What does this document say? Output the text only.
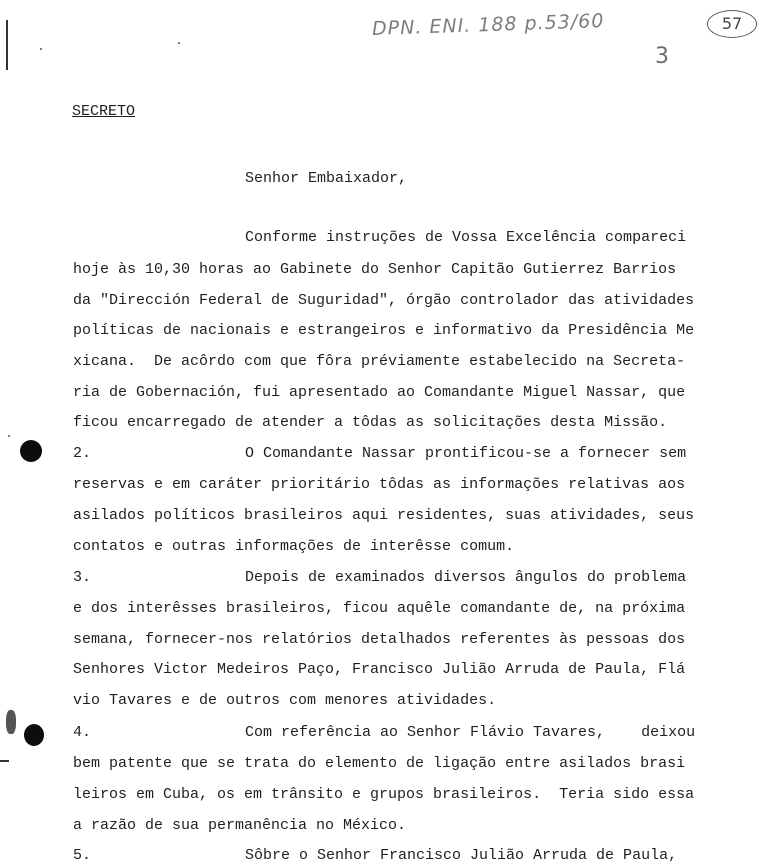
DPN. ENI. 188 p.53/60	57
3
SECRETO
Senhor Embaixador,
Conforme instruções de Vossa Excelência compareci
hoje às 10,30 horas ao Gabinete do Senhor Capitão Gutierrez Barrios
da "Dirección Federal de Suguridad", órgão controlador das atividades
políticas de nacionais e estrangeiros e informativo da Presidência Me
xicana.  De acôrdo com que fôra préviamente estabelecido na Secreta-
ria de Gobernación, fui apresentado ao Comandante Miguel Nassar, que
ficou encarregado de atender a tôdas as solicitações desta Missão.
2.	O Comandante Nassar prontificou-se a fornecer sem
reservas e em caráter prioritário tôdas as informações relativas aos
asilados políticos brasileiros aqui residentes, suas atividades, seus
contatos e outras informações de interêsse comum.
3.	Depois de examinados diversos ângulos do problema
e dos interêsses brasileiros, ficou aquêle comandante de, na próxima
semana, fornecer-nos relatórios detalhados referentes às pessoas dos
Senhores Victor Medeiros Paço, Francisco Julião Arruda de Paula, Flá
vio Tavares e de outros com menores atividades.
4.	Com referência ao Senhor Flávio Tavares,    deixou
bem patente que se trata do elemento de ligação entre asilados brasi
leiros em Cuba, os em trânsito e grupos brasileiros.  Teria sido essa
a razão de sua permanência no México.
5.	Sôbre o Senhor Francisco Julião Arruda de Paula,
